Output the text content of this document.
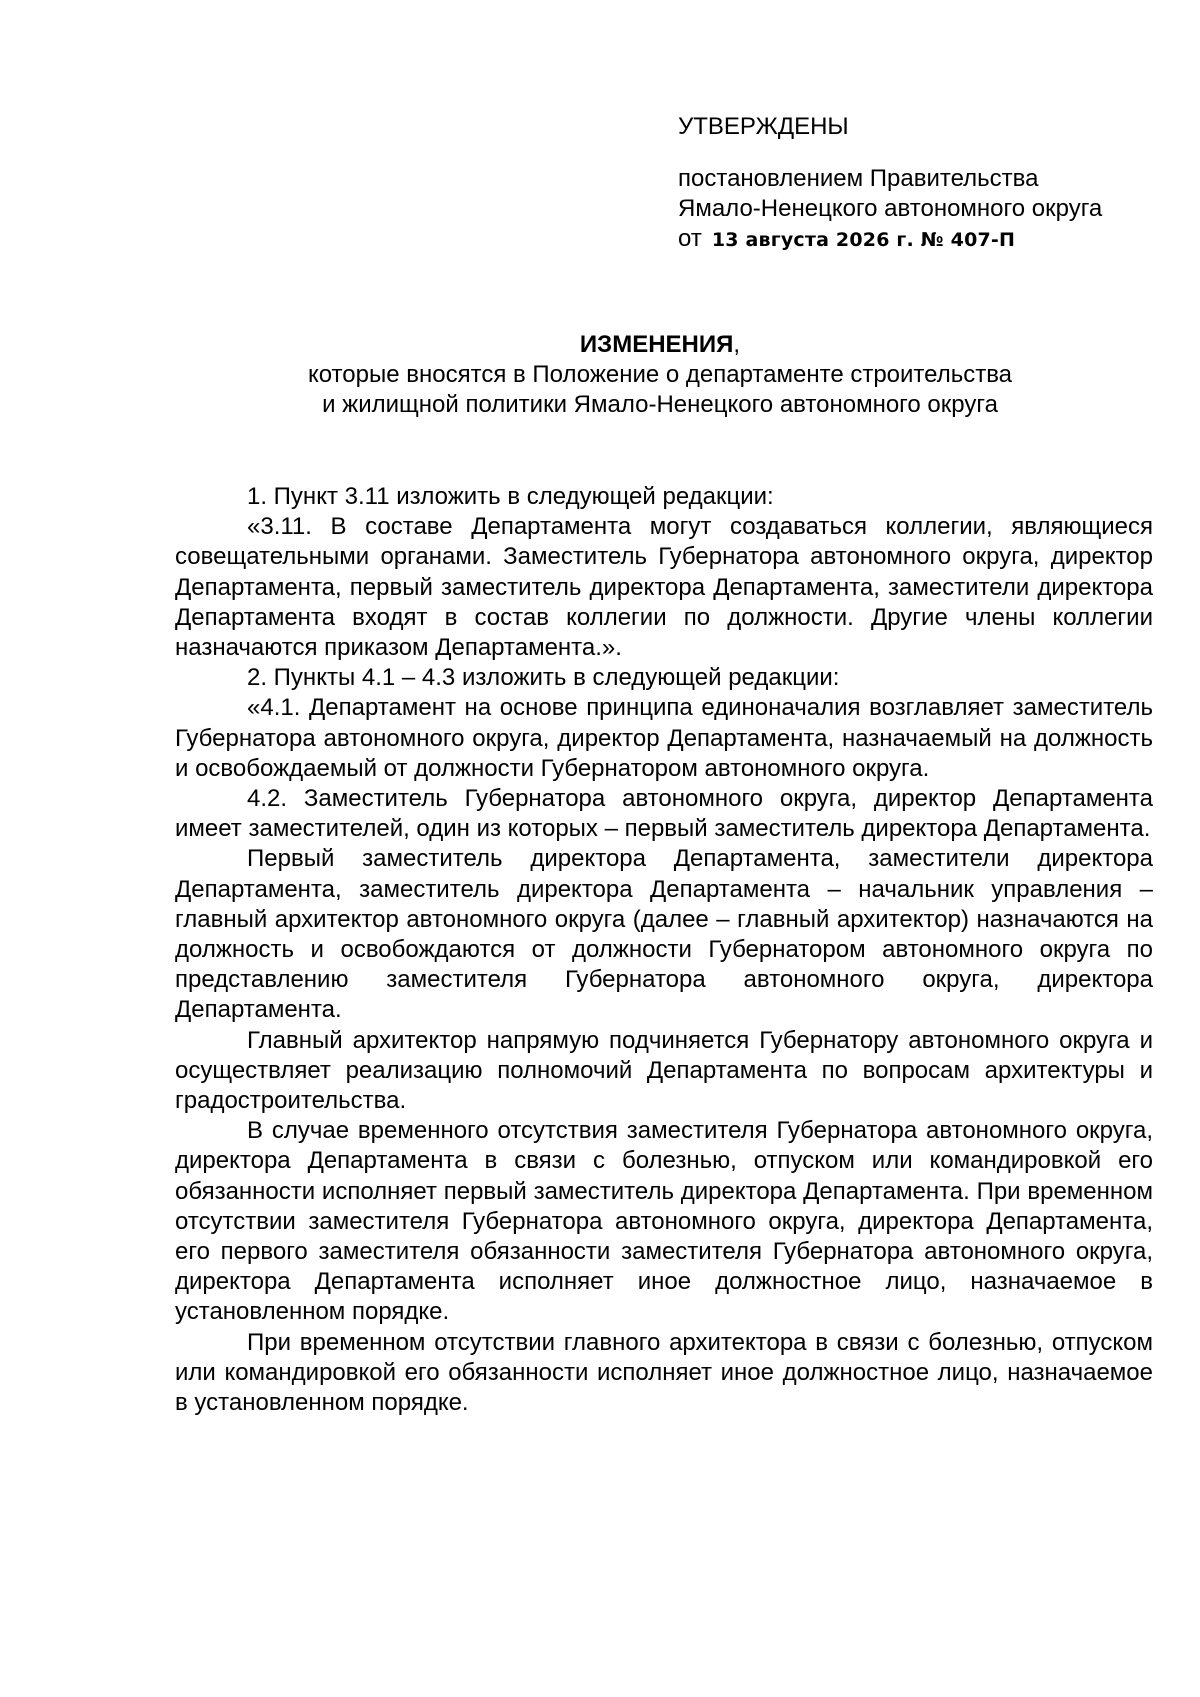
УТВЕРЖДЕНЫ

постановлением Правительства

Ямало-Ненецкого автономного округа

от 13 августа 2026 г. № 407-П

ИЗМЕНЕНИЯ,

которые вносятся в Положение о департаменте строительства

и жилищной политики Ямало-Ненецкого автономного округа

1. Пункт 3.11 изложить в следующей редакции:

«3.11. В составе Департамента могут создаваться коллегии, являющиеся совещательными органами. Заместитель Губернатора автономного округа, директор Департамента, первый заместитель директора Департамента, заместители директора Департамента входят в состав коллегии по должности. Другие члены коллегии назначаются приказом Департамента.».

2. Пункты 4.1 – 4.3 изложить в следующей редакции:

«4.1. Департамент на основе принципа единоначалия возглавляет заместитель Губернатора автономного округа, директор Департамента, назначаемый на должность и освобождаемый от должности Губернатором автономного округа.

4.2. Заместитель Губернатора автономного округа, директор Департамента имеет заместителей, один из которых – первый заместитель директора Департамента.

Первый заместитель директора Департамента, заместители директора Департамента, заместитель директора Департамента – начальник управления – главный архитектор автономного округа (далее – главный архитектор) назначаются на должность и освобождаются от должности Губернатором автономного округа по представлению заместителя Губернатора автономного округа, директора Департамента.

Главный архитектор напрямую подчиняется Губернатору автономного округа и осуществляет реализацию полномочий Департамента по вопросам архитектуры и градостроительства.

В случае временного отсутствия заместителя Губернатора автономного округа, директора Департамента в связи с болезнью, отпуском или командировкой его обязанности исполняет первый заместитель директора Департамента. При временном отсутствии заместителя Губернатора автономного округа, директора Департамента, его первого заместителя обязанности заместителя Губернатора автономного округа, директора Департамента исполняет иное должностное лицо, назначаемое в установленном порядке.

При временном отсутствии главного архитектора в связи с болезнью, отпуском или командировкой его обязанности исполняет иное должностное лицо, назначаемое в установленном порядке.
